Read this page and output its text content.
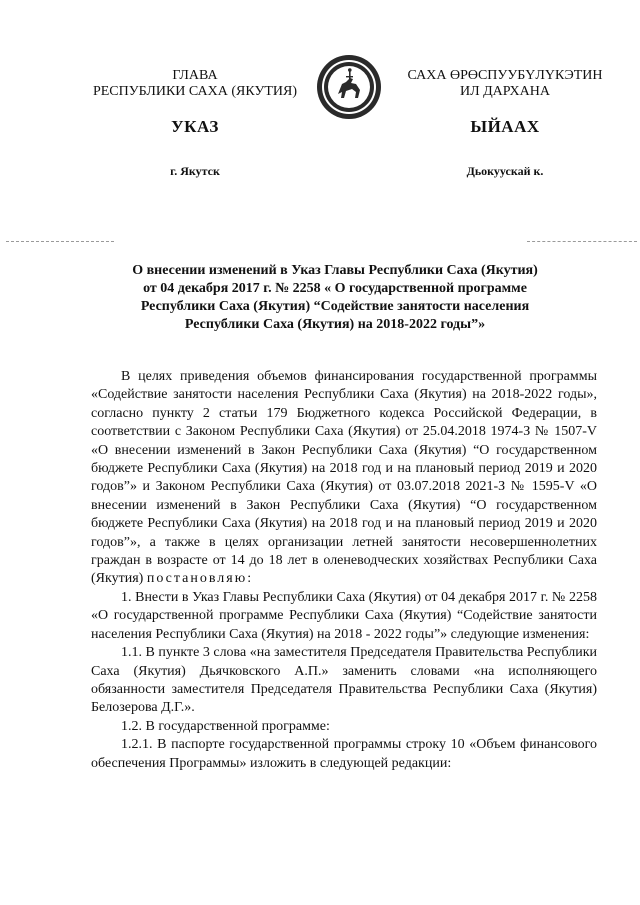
ГЛАВА
РЕСПУБЛИКИ САХА (ЯКУТИЯ)
САХА ӨРӨСПУУБҮЛҮКЭТИН
ИЛ ДАРХАНА
УКАЗ	ЫЙААХ
г. Якутск	Дьокуускай к.
О внесении изменений в Указ Главы Республики Саха (Якутия)
от 04 декабря 2017 г. № 2258 « О государственной программе
Республики Саха (Якутия) “Содействие занятости населения
Республики Саха (Якутия) на 2018-2022 годы”»

В целях приведения объемов финансирования государственной программы «Содействие занятости населения Республики Саха (Якутия) на 2018-2022 годы», согласно пункту 2 статьи 179 Бюджетного кодекса Российской Федерации, в соответствии с Законом Республики Саха (Якутия) от 25.04.2018 1974-З № 1507-V «О внесении изменений в Закон Республики Саха (Якутия) “О государственном бюджете Республики Саха (Якутия) на 2018 год и на плановый период 2019 и 2020 годов”» и Законом Республики Саха (Якутия) от 03.07.2018 2021-З № 1595-V «О внесении изменений в Закон Республики Саха (Якутия) “О государственном бюджете Республики Саха (Якутия) на 2018 год и на плановый период 2019 и 2020 годов”», а также в целях организации летней занятости несовершеннолетних граждан в возрасте от 14 до 18 лет в оленеводческих хозяйствах Республики Саха (Якутия) постановляю:

1. Внести в Указ Главы Республики Саха (Якутия) от 04 декабря 2017 г. № 2258 «О государственной программе Республики Саха (Якутия) “Содействие занятости населения Республики Саха (Якутия) на 2018 - 2022 годы”» следующие изменения:

1.1. В пункте 3 слова «на заместителя Председателя Правительства Республики Саха (Якутия) Дьячковского А.П.» заменить словами «на исполняющего обязанности заместителя Председателя Правительства Республики Саха (Якутия) Белозерова Д.Г.».

1.2. В государственной программе:

1.2.1. В паспорте государственной программы строку 10 «Объем финансового обеспечения Программы» изложить в следующей редакции:
